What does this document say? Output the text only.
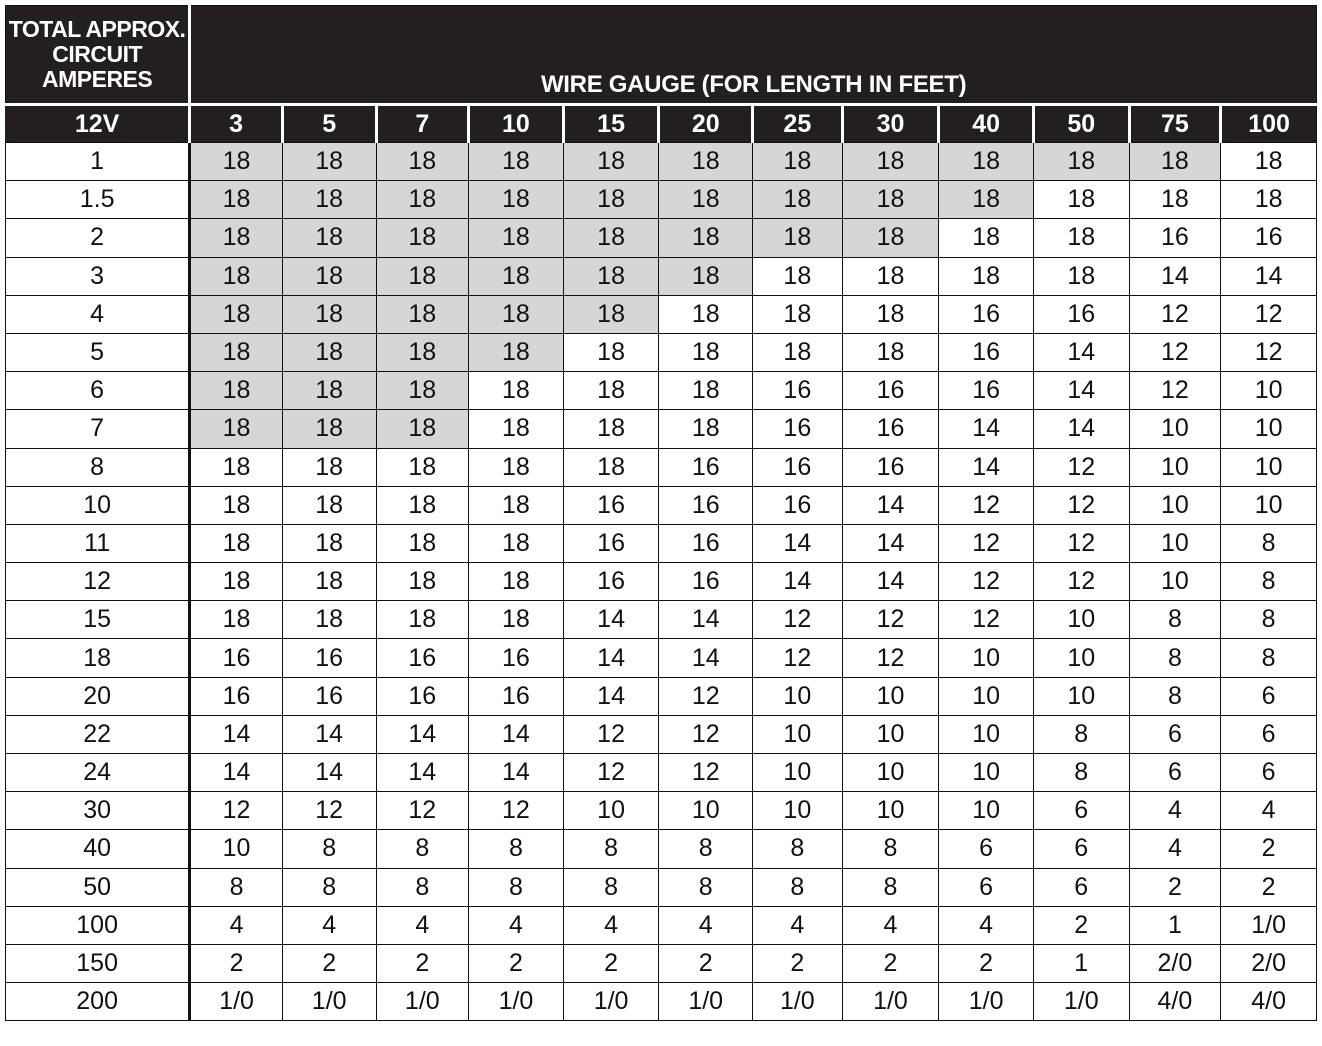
TOTAL APPROX.
CIRCUIT
AMPERES	WIRE GAUGE (FOR LENGTH IN FEET)											
12V	3	5	7	10	15	20	25	30	40	50	75	100
1	18	18	18	18	18	18	18	18	18	18	18	18
1.5	18	18	18	18	18	18	18	18	18	18	18	18
2	18	18	18	18	18	18	18	18	18	18	16	16
3	18	18	18	18	18	18	18	18	18	18	14	14
4	18	18	18	18	18	18	18	18	16	16	12	12
5	18	18	18	18	18	18	18	18	16	14	12	12
6	18	18	18	18	18	18	16	16	16	14	12	10
7	18	18	18	18	18	18	16	16	14	14	10	10
8	18	18	18	18	18	16	16	16	14	12	10	10
10	18	18	18	18	16	16	16	14	12	12	10	10
11	18	18	18	18	16	16	14	14	12	12	10	8
12	18	18	18	18	16	16	14	14	12	12	10	8
15	18	18	18	18	14	14	12	12	12	10	8	8
18	16	16	16	16	14	14	12	12	10	10	8	8
20	16	16	16	16	14	12	10	10	10	10	8	6
22	14	14	14	14	12	12	10	10	10	8	6	6
24	14	14	14	14	12	12	10	10	10	8	6	6
30	12	12	12	12	10	10	10	10	10	6	4	4
40	10	8	8	8	8	8	8	8	6	6	4	2
50	8	8	8	8	8	8	8	8	6	6	2	2
100	4	4	4	4	4	4	4	4	4	2	1	1/0
150	2	2	2	2	2	2	2	2	2	1	2/0	2/0
200	1/0	1/0	1/0	1/0	1/0	1/0	1/0	1/0	1/0	1/0	4/0	4/0
